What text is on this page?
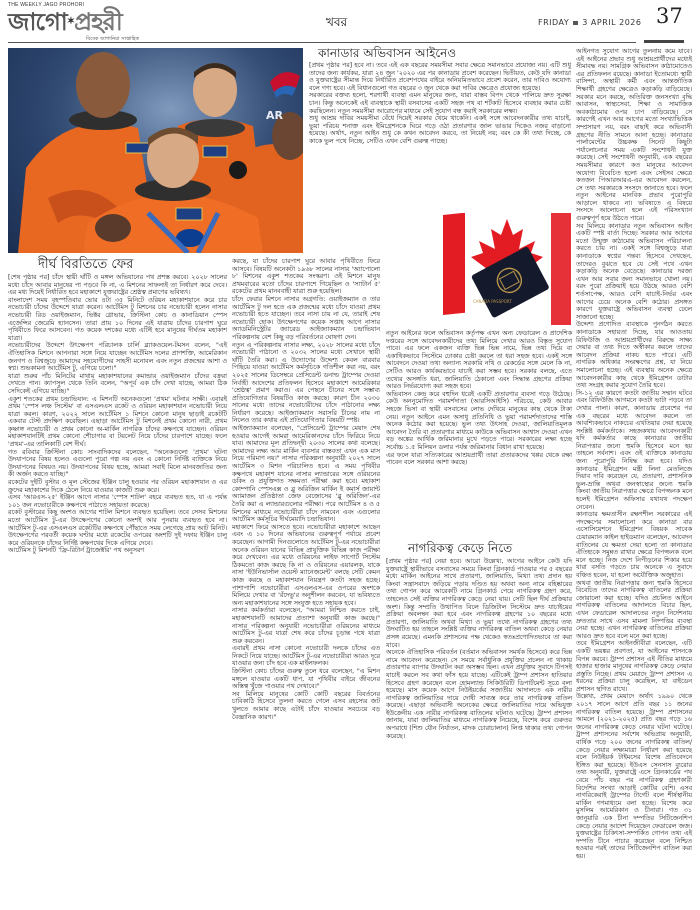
THE WEEKLY JAGO PROHORI
জাগো✶প্রহরী
বিবেক জাগানিয়া সাপ্তাহিক
খবর	FRIDAY 3 APRIL 2026 37
AR
CANADA PASSPORT
দীর্ঘ বিরতিতে ফের

[শেষ পৃষ্ঠার পর] চাঁদে স্থায়ী ঘাঁটি ও মঙ্গল অভিযানের পথ প্রশস্ত করবে। ২০২৮ সালের মধ্যে চাঁদে আবার মানুষের পা পড়বে কি না, এ মিশনের সাফল্যই তা নির্ধারণ করে দেবে। এর মধ্য দিয়েই নির্ধারিত হবে মহাকাশে যুক্তরাষ্ট্রের শ্রেষ্ঠত্ব প্রমাণের ভবিষ্যৎ।

বাংলাদেশ সময় বৃহস্পতিবার ভোর ৪টা ৩৫ মিনিটে ওরিয়ন মহাকাশযানে করে চার নভোচারী চাঁদের উদ্দেশে যাত্রা করেন। আর্টেমিস টু মিশনের চার নভোচারী হলেন নাসার নভোচারী রিড ওয়াইজম্যান, ভিক্টর গ্লোভার, ক্রিস্টিনা কোচ ও কানাডিয়ান স্পেস এজেন্সির জেরেমি হ্যানসেন। তারা প্রায় ১০ দিনের এই যাত্রায় চাঁদের চারপাশ ঘুরে পৃথিবীতে ফিরে আসবেন। গত কয়েক দশকের মধ্যে এটিই হবে মানুষের দীর্ঘতম মহাকাশ যাত্রা।

নভোচারীদের উদ্দেশে উৎক্ষেপণ পরিচালক চার্লি ব্ল্যাকওয়েল-টমসন বলেন, "এই ঐতিহাসিক মিশনে আপনারা সঙ্গে নিয়ে যাচ্ছেন আর্টেমিস দলের প্রাণশক্তি, আমেরিকান জনগণ ও বিশ্বজুড়ে আমাদের সহযোগীদের সাহসী মনোবল এবং নতুন প্রজন্মের আশা ও স্বপ্ন। শুভকামনা আর্টেমিস টু, এগিয়ে চলো।"

যাত্রা শুরুর পাঁচ মিনিটের মাথায় মহাকাশযানের কমান্ডার ওয়াইজম্যান চাঁদের বক্ররা দেখতে পান। ক্যাপসুল থেকে তিনি বলেন, "অপূর্ব এক চাঁদ দেখা যাচ্ছে, আমরা ঠিক সেদিকেই এগিয়ে যাচ্ছি।"

একুশ শতকের প্রথম চন্দ্রাভিযান: এ মিশনটি অনেকগুলো 'প্রথম' ঘটনার সাক্ষী। এবারই প্রথম 'স্পেস লঞ্চ সিস্টেম' বা এসএলএস রকেট ও ওরিয়ন মহাকাশযান নভোচারী নিয়ে যাত্রা করল। কারণ, ২০২২ সালে আর্টেমিস ১ মিশনে কোনো মানুষ ছাড়াই রকেটটি একবার টেস্ট প্রদক্ষিণ করেছিল। এছাড়া আর্টেমিস টু মিশনেই প্রথম কোনো নারী, প্রথম কৃষ্ণাঙ্গ নভোচারী ও প্রথম কোনো অ-মার্কিন নাগরিক চাঁদের কক্ষপথে যাচ্ছেন। ওরিয়ন মহাকাশযানটিই প্রথম কোনো শৌচাগার বা টয়লেট নিয়ে চাঁদের চারপাশে যাচ্ছে। ফলে 'প্রথম'-এর তালিকাটি বেশ দীর্ঘ।

গত রবিবার ক্রিস্টিনা কোচ সাংবাদিকদের বলেছেন, "অনেকগুলো 'প্রথম' ঘটনা উদযাপনের বিষয় হলেও এগুলো পুরো গল্প নয় এবং এ কোনো নির্দিষ্ট ব্যক্তিকে নিয়ে উদযাপনের বিষয়ও নয়। উদযাপনের বিষয় হচ্ছে, আমরা সবাই মিলে মানবজাতির জন্য কী অর্জন করতে যাচ্ছি।"

রকেটের দুইটি বুস্টার ও মূল স্টেজের ইঞ্জিন চালু হওয়ার পর ওরিয়ন মহাকাশযান ও এর ক্রুদের মহাকাশের দিকে ঠেলে নিয়ে যাওয়ার কাজটি শুরু করে।

এসব 'আরএস-২৫' ইঞ্জিন আগে নাসার 'স্পেস শাটল' বহরে ব্যবহৃত হত, যা এ পর্যন্ত ১০১ জন নভোচারীকে কক্ষপথে পাঠাতে সহায়তা করেছে।

রকেট বুস্টারের কিছু অংশও আগের শাটল মিশনে ব্যবহৃত হয়েছিল। তবে সেসব মিশনের মতো আর্টেমিস টু-এর উৎক্ষেপণের কোনো অংশই আর পুনরায় ব্যবহৃত হবে না। আর্টেমিস টু-এর এসএলএস রকেটটির কক্ষপথে পৌঁছাতে সময় লেগেছে প্রায় আট মিনিট। উৎক্ষেপণের পরবর্তী কয়েক ঘণ্টার মধ্যে রকেটের ওপরের অংশটি দুই দফায় ইঞ্জিন চালু করে ওরিয়নকে চাঁদের নির্দিষ্ট কক্ষপথের দিকে এগিয়ে দেবে।

আর্টেমিস টু মিশনটি 'ফ্রি-রিটার্ন ট্রাজেক্টরি' পথ অনুসরণ

করছে, যা চাঁদের চারপাশ ঘুরে আবার পৃথিবীতে ফিরে আসবে। বিষয়টি অনেকটা ১৯৬৮ সালের নাসার 'অ্যাপোলো ৮' মিশনের একুশ শতকের সংস্করণ। ওই মিশনে মানুষ প্রথমবারের মতো চাঁদের চারপাশে গিয়েছিল ও 'স্যাটার্ন ৫' রকেটের প্রথম মানববাহী যাত্রা শুরু হয়েছিল।

চাঁদে ফেরার মিশনে নাসার অগ্রগতি: ওয়াইজম্যান ও তার আর্টেমিস টু দল হতে এক প্রজন্মের মধ্যে চাঁদে যাওয়া প্রথম নভোচারী হতে যাচ্ছেন। তবে নাসা চায় না যে, তারাই শেষ নভোচারী হোক। উৎক্ষেপণের কয়েক সপ্তাহ আগে নাসার অ্যাডমিনিস্ট্রেটর জ্যারেড আইজ্যাকম্যান চন্দ্রাভিযান পরিকল্পনায় বেশ কিছু বড় পরিবর্তনের ঘোষণা দেন।

নতুন এ পরিকল্পনায় নাসার লক্ষ্য, ২০২৮ সালের মধ্যে চাঁদে নভোচারী পাঠানো ও ২০৩২ সালের মধ্যে সেখানে স্থায়ী ঘাঁটি তৈরি করা। এ উদ্যোগের উদ্দেশ্য কেবল বারবার পিছিয়ে যাওয়া আর্টেমিস কর্মসূচিকে গতিশীল করা নয়, বরং ২০২৫ সালের ডিসেম্বরে প্রেসিডেন্ট ডনাল্ড ট্রাম্পের দেওয়া নির্বাহী আদেশের প্রতিফলন হিসেবে মহাকাশে আমেরিকার 'শ্রেষ্ঠত্ব' প্রমাণ করাও। এর পেছনে চীনের সঙ্গে সম্ভাব্য প্রতিযোগিতার বিষয়টিও কাজ করছে। কারণ চীন ২০৩০ সালের মধ্যে তাদের নভোচারীদের চাঁদে পাঠানোর লক্ষ্য নির্ধারণ করেছে। আইজ্যাকম্যান সরাসরি চীনের নাম না নিলেও তার কথায় এই প্রতিযোগিতার বিষয়টি স্পষ্ট।

আইজ্যাকম্যান বলেছেন, "প্রেসিডেন্ট ট্রাম্পের মেয়াদ শেষ হওয়ার আগেই আমরা আমেরিকানদের চাঁদে ফিরিয়ে নিয়ে যাব। আমাদের মূল প্রতিদ্বন্দ্বী ২০৩০ সালের কথা বলেছে। আমাদের লক্ষ্য আর মার্কিন ব্যবসার বাস্তবতা এখন এক মাস নিয়ে পরিমাণ নয়।" নাসার পরিকল্পনা অনুযায়ী ২০২৭ সালে আর্টেমিস ৩ মিশন পরিচালিত হবে। এ সময় পৃথিবীর কক্ষপথে মহাকাশ যানের নাসার ল্যান্ডারের সঙ্গে ওরিয়নের ডকিং ও প্রযুক্তিগত সক্ষমতা পরীক্ষা করা হবে। মহাকাশ কোম্পানি স্পেসএক্স ও ব্লু অরিজিন মার্কিন ই কমার্স জায়ান্ট অ্যামাজন প্রতিষ্ঠাতা জেফ বেজোসের 'ব্লু অরিজিন'-এর তৈরি করা এ ল্যান্ডারগুলোর পরীক্ষা। পরে আর্টেমিস ৪ ও ৫ মিশনের মাধ্যমে নভোচারীরা চাঁদে নামবেন এবং এগুলোর আর্টেমিস কর্মসূচির দীর্ঘমেয়াদি চন্দ্রাভিযান।

মহাকাশে ফিরে আসতে হবে। নভোচারীরা মহাকাশে আছেন এবং এ ১০ দিনের অভিযানের গুরুত্বপূর্ণ পর্যায়ে প্রবেশ করেছেন। আগামী দিনগুলোতে আর্টেমিস টু-এর নভোচারীরা অনেক ওরিয়ন যানের বিভিন্ন প্রাযুক্তিক বিভিন্ন কাজ পরীক্ষা করে দেখবেন। এর মধ্যে ওরিয়নের লাইফ সাপোর্ট সিস্টেম ঠিকমতো কাজ করছে কি না ও ওরিয়নের এয়ারলক, যাকে নাসা 'ইউনিভার্সাল ওয়েস্ট ম্যানেজমেন্ট' বলছে সেটি কেমন কাজ করছে ও মহাকাশযান নিয়ন্ত্রণ কতটা সহজ হচ্ছে। পাশাপাশি নভোচারীরা এসএলএস-এর ওপরের অংশকে মিলিয়ে দেখার বা 'রঁদেভু'র অনুশীলন করবেন, যা ভবিষ্যতে অন্য মহাকাশযানের সঙ্গে সংযুক্ত হতে সহায়ক হবে।

নাসার কর্মকর্তারা বলেছেন, "আমরা নিশ্চিত করতে চাই, মহাকাশযানটি আমাদের প্রত্যাশা অনুযায়ী কাজ করছে।" নাসার পরিকল্পনা অনুযায়ী নভোচারীরা ওরিয়নের মাধ্যমে আর্টেমিস টু-এর যাত্রা শেষ করে চাঁদের চূড়ান্ত পথে যাত্রা শুরু করবেন।

এবারই প্রথম নাসা কোনো নভোচারী দলকে চাঁদের এত নিকটে নিয়ে যাচ্ছে। আর্টেমিস টু-এর নভোচারীরা আরও দূরে যাওয়ার জন্য চাঁদ হবে এক মাইলফলক।

ক্রিস্টিনা কোচ চাঁদের গুরুত্ব তুলে ধরে বলেছেন, "এ মিশন মঙ্গলে যাওয়ার একটি ধাপ, যা পৃথিবীর বাইরে জীবনের অস্তিত্ব খুঁজে পাওয়ার পথ দেখাবে।"

সব মিলিয়ে মানুষের কোটি কোটি বছরের বিবর্তনের চাবিকাঠি হিসেবে তুলনা করতে গেলে এসব রহস্যের জট খুলতে আমার কাছে এটাই চাঁদে যাওয়ার সবচেয়ে বড় বৈজ্ঞানিক কারণ।"

কানাডার অভিবাসন আইনেও

[প্রথম পৃষ্ঠার পর] হবে না। তবে এই এক বছরের সময়সীমা সবার ক্ষেত্রে সমানভাবে প্রযোজ্য নয়। এটি শুধু তাদের জন্য কার্যকর, যারা ২৪ জুন '২০২০ এর পর কানাডায় প্রবেশ করেছেন। দ্বিতীয়ত, কেউ যদি কানাডা ও যুক্তরাষ্ট্রের সীমান্ত দিয়ে নির্ধারিত প্রবেশপথের বাইরে অনিয়মিতভাবে প্রবেশ করেন, তার দাবিও অযোগ্য বলে গণ্য হবে। এই বিধানগুলো গত বছরের ৩ জুন থেকে করা দাবির ক্ষেত্রেও প্রযোজ্য হয়েছে।

সরকারের বক্তব্য হলো, শরণার্থী ব্যবস্থা এমন মানুষের জন্য, যারা বাস্তব বিপদ থেকে পালিয়ে দ্রুত সুরক্ষা চান। কিন্তু অনেকেই এই ব্যবস্থাকে স্থায়ী বসবাসের একটি সহজ পথ বা শর্টকাট হিসেবে ব্যবহার করার চেষ্টা করছিলেন। নতুন সময়সীমা আরোপের মাধ্যমে সেই সুযোগ বন্ধ করাই সরকারের লক্ষ্য।

শুধু আশ্রয় দাবির সময়সীমা বেঁধে দিয়েই সরকার থেমে থাকেনি। একই সঙ্গে আবেদনকারীর তথ্য যাচাই, ভুয়া পরিচয় শনাক্ত এবং ইমিগ্রেশনকে ঘিরে গড়ে ওঠা প্রতারণার জাল ভাঙার দিকেও নজর বাড়ানো হয়েছে। অর্থাৎ, নতুন আইন শুধু কে কখন আবেদন করবে, তা নিয়েই নয়; বরং কে কী তথ্য দিচ্ছে, কে কাকে ভুল পথে নিচ্ছে, সেটিও এখন বেশি গুরুত্ব পাচ্ছে।

নতুন আইনের ফলে অভিবাসন কর্তৃপক্ষ এখন অন্য ফেডারেল ও প্রাদেশিক দপ্তরের সঙ্গে আবেদনকারীদের তথ্য মিলিয়ে দেখার আরও বিস্তৃত সুযোগ পাবে। এর ফলে একজন ব্যক্তি ভিন্ন ভিন্ন নামে, ভিন্ন তথ্য দিয়ে বা একাধিকভাবে সিস্টেমে ঢোকার চেষ্টা করলে তা ধরা সহজ হবে। একই সঙ্গে আবেদনে দেওয়া তথ্য অন্যান্য সরকারি নথি ও রেকর্ডের সঙ্গে মেলে কি না, সেটিও আরও কার্যকরভাবে যাচাই করা সম্ভব হবে। সরকার বলছে, এতে তথ্যের অসঙ্গতি ধরা, জালিয়াতি ঠেকানো এবং সিদ্ধান্ত গ্রহণের প্রক্রিয়া আরও নির্ভরযোগ্য করা সহজ হবে।

অভিবাসন কেন্দ্র করে বহুদিন ধরেই একটি প্রতারণার ব্যবসা গড়ে উঠেছে। কেউ অননুমোদিত পরামর্শদাতা (আরসিআইসি) পরিচয়ে, কেউ আবার সহজে ভিসা বা স্থায়ী বসবাসের লোভ দেখিয়ে মানুষের কাছ থেকে টাকা নেয়। নতুন আইনে এমন অসাধু প্রতিনিধি ও ভুয়া পরামর্শদাতাদের শাস্তি অনেক কঠোর করা হয়েছে। ভুল তথ্য উৎসাহ দেওয়া, জালিয়াতিমূলক আবেদন তৈরি বা প্রতারণার মাধ্যমে কাউকে অভিবাসন আশ্বাস দেওয়া এখন বড় অঙ্কের আর্থিক জরিমানার মুখে পড়তে পারে। সরকারের লক্ষ্য হচ্ছে সর্বোচ্চ ১.৫ মিলিয়ন ডলার পর্যন্ত জরিমানার বিধান রাখা হয়েছে।

এর ফলে যারা সত্যিকারের আশ্রয়প্রার্থী তারা প্রতারকদের খপ্পর থেকে রক্ষা পাবেন বলে সরকার আশা করছে।

নাগরিকত্ব কেড়ে নিতে

[প্রথম পৃষ্ঠার পর] নেয়া হবে। আরো উল্লেখ্য, আগের আইনে কেউ যদি যুক্তরাষ্ট্রে স্থায়ীভাবে বসবাসের সময়ে কিংবা গ্রিনকার্ড পাওয়ার পর ৫ বছরের মধ্যে মার্কিন আইনের সাথে প্রতারণা, জালিয়াতি, মিথ্যা তথ্য প্রদান হয় কিংবা সন্ত্রাসবাদে জড়িয়ে পড়ায় দণ্ডিত হয় অথবা অন্য নামে বহিষ্কারের তথ্য গোপন করে আরেকটি নামে গ্রিনকার্ড পেয়ে নাগরিকত্ব গ্রহণ করে, তাহলেও সেই ব্যক্তির নাগরিকত্ব কেড়ে নেয়া যায়। সেটি ছিল দীর্ঘ প্রক্রিয়ার অংশ। কিন্তু সম্প্রতি উত্থাপিত বিলে ডিজিটাল সিস্টেমে দ্রুত যাচাইয়ের প্রক্রিয়া অবলম্বন করা হবে এবং নাগরিকত্ব গ্রহণের ১০ বছরের মধ্যে প্রতারণা, জালিয়াতি অথবা মিথ্যা ও ভুয়া তথ্যে নাগরিকত্ব গ্রহণের তথ্য উদঘাটিত হয় তাহলে সংশ্লিষ্ট ব্যক্তির নাগরিকত্ব বাতিল অথবা কেড়ে নেয়ার প্রসঙ্গ রয়েছে। এমনকি প্রশাসনের পক্ষ থেকেও স্বতঃপ্রণোদিতভাবে তা করা যাবে।

অনেকে ঐতিহাসিক পরিবর্তন (বর্তমান অভিবাসন সমর্থক হিসেবে) করে ভিন্ন নামে আবেদন করেছেন। সে সময়ে সর্বাধুনিক প্রযুক্তির প্রচলন না থাকায় প্রতারণার ব্যাপার উদঘাটন করা অসম্ভব ছিল। এখন প্রযুক্তির সুবাদে টিপসই যাচাই করলে সব কথা ফাঁস হয়ে যাচ্ছে। এটিকেই ট্রাম্প প্রশাসন হাতিয়ার হিসেবে গ্রহণ করেছেন বলে হোমল্যান্ড সিকিউরিটি ডিপার্টমেন্ট সূত্রে বলা হয়েছে। মাস কয়েক আগে নিউইয়র্কের সজাতীয় আদালতে এক নারীর নাগরিকত্ব জালিয়াতির দায়ে দোষী সাব্যস্ত করে তার নাগরিকত্ব বাতিল করেছে। এছাড়া অভিবাসী অনেকের ক্ষেত্রে জালিয়াতির দায়ে অভিযুক্ত ইউক্রেনীয় এক নারীর নাগরিকত্ব বাতিলের ঘটনাও ঘটেছে। ট্রাম্প প্রশাসন জানায়, যারা জালিয়াতির মাধ্যমে নাগরিকত্ব নিয়েছে, বিশেষ করে গুরুতর অপরাধে (শিশু যৌন নির্যাতন, মাদক চোরাচালান) লিপ্ত থাকার তথ্য গোপন করেছে।

আইনগত সুযোগ আগের তুলনায় কমে যাবে। এই আইনের প্রভাব শুধু আশ্রয়প্রার্থীদের মধ্যেই সীমাবদ্ধ নয়। সামগ্রিক অভিবাসন কাঠামোতেও এর প্রতিফলন রয়েছে। কানাডা ইতোমধ্যে স্থায়ী বাসিন্দা, অস্থায়ী কর্মী এবং আন্তর্জাতিক শিক্ষার্থী গ্রহণের ক্ষেত্রেও কড়াকড়ি বাড়িয়েছে। সরকার মনে করছে, অতিরিক্ত জনসংখ্যা বৃদ্ধি আবাসন, স্বাস্থ্যসেবা, শিক্ষা ও সামাজিক অবকাঠামোর ওপর চাপ বাড়িয়েছে। সে কারণেই এখন আর আগের মতো সংখ্যাভিত্তিক সম্প্রসারণ নয়, বরং বাছাই করে অভিবাসী গ্রহণের নীতি সামনে আনা হচ্ছে। কানাডার পার্লামেন্টের উচ্চকক্ষ সিনেট কিছুটা পর্যালোচনার সময় একটি সংশোধনী যুক্ত করেছে। সেই সংশোধনী অনুযায়ী, এক বছরের সময়সীমার কারণে কত মানুষের আবেদন অযোগ্য বিবেচিত হলো এবং সেইসব ক্ষেত্রে কতজন পিআরআরএ-এর আবেদন করলেন, সে তথ্য সরকারকে সংসদে জানাতে হবে। ফলে নতুন আইনের মানবিক প্রভাব পুরোপুরি আড়ালে থাকবে না। ভবিষ্যতে এ বিষয়ে সংসদে আলোচনা হলে এই পরিসংখ্যান গুরুত্বপূর্ণ হয়ে উঠতে পারে।

সব মিলিয়ে কানাডার নতুন অভিবাসন আইন একটি স্পষ্ট বার্তা দিচ্ছে। সরকার আর আগের মতো উন্মুক্ত কাঠামোয় অভিবাসন পরিচালনা করতে চায় না। একই সঙ্গে বিশ্বজুড়ে যারা কানাডাকে স্বপ্নের গন্তব্য হিসেবে দেখছেন, তাদেরও বুঝতে হবে যে সেই পথে এখন কড়াকড়ি অনেক বেড়েছে। কানাডার দরজা এখন আর সবার জন্য সমানভাবে খোলা নয়। বরং পুরো প্রক্রিয়াই হয়ে উঠছে আরও বেশি শর্তসাপেক্ষ, আরও বেশি যাচাই-নির্ভর এবং আগের চেয়ে অনেক বেশি কঠোর। প্রসঙ্গত কারণে যুক্তরাষ্ট্রে অভিবাসন ব্যবস্থা ঢেলে সাজানো হচ্ছে।

উদ্দেশ্য প্রণোদিত ব্যবস্থাকে পুনর্গঠন করতে কানাডাকে সহায়তা দিচ্ছে, যার আওতায় রিফিউজি ও আশ্রয়প্রার্থীদের বিরুদ্ধে সাক্ষ্য দেয়ার বা তথ্য দিতে অস্বীকার করলে তাদের আবেদন প্রক্রিয়া নাকচ হতে পারে। এটি নাগরিক অধিকার সংরক্ষণের প্রশ্ন, যা নিয়ে সমালোচনা হচ্ছে। এই ব্যবস্থায় অনেক ক্ষেত্রে আবেদনকারীর কাছ থেকে ইমিগ্রেশন ডাটার তথ্য সংগ্রহ করার সুযোগ তৈরি হবে।

সি-১২ এর কারণে কতটা জাতীয় সম্মান ঘটবে এবং রিফিউজি আগমনে কতটা ভাটা পড়বে তা দেখার পালা। কারণ, কানাডায় প্রবেশের পর এক বছরের মধ্যে আবেদন করলে তা আবশ্যিকভাবে নাকচের এখতিয়ার দেয়া হয়েছে সংশ্লিষ্ট কর্মকর্তাকে। সহজকথায় আবেদনকারী যদি কর্মকর্তার কাছে কানাডার জাতীয় নিরাপত্তার জন্যে হুমকি হিসেবে মনে হয় তাহলে সর্বনাশ। এবং ওই ব্যক্তিকে কানাডায় জন্য পুরোপুরি নিষিদ্ধ করা হবে। যদিও কানাডার ইমিগ্রেশন মন্ত্রী লিনা মেতলিজে দিয়াব দাবি করেছেন যে, প্রতারণা, প্রশাসনিক ভুল-ভ্রান্তি অথবা জনস্বাস্থ্যের জন্যে হুমকি কিংবা জাতীয় নিরাপত্তার ক্ষেত্রে বিপজ্জনক মনে হলেই ইমিগ্রেশন অফিসার যথাযথ পদক্ষেপ নেবেন।

কানাডার ক্ষমতাসীন রক্ষণশীল সরকারের এই পদক্ষেপের সমালোচনা করে কানাডা বার এসোসিয়েশনে ইমিগ্রেশন বিষয়ক সাবেক চেয়ারম্যান কাইল হাইডম্যান বলেছেন, আবেদন বাতিলের যে ক্ষমতা দেয়া হলো তা কানাডার ঐতিহ্যকে সমুন্নত রাখার ক্ষেত্রে বিপজ্জনক বলে মনে হচ্ছে। নিজ দেশে নিপীড়নের শিকার হয়ে যারা বসতি গড়তে চায় অনেকে এ সুবাদে বঞ্চিত হবেন, যা হলো অযৌক্তিক অজুহাত।

অথবা জাতীয় নিরাপত্তার জন্য হুমকি হিসেবে বিবেচিত তাদের নাগরিকত্ব বাতিলের প্রক্রিয়া জোরালো করা হচ্ছে। যদিও প্রচলিত আইনে নাগরিকত্ব বাতিলের আদালতে বিচার ছিল, এখন ফেডারেল আদালতের নতুন নির্দেশনায় দ্রুততার সাথে এসব মামলা নিষ্পত্তির ব্যবস্থা নেয়া হচ্ছে। এখন নাগরিকত্ব বাতিলের প্রক্রিয়া আরও দ্রুত হবে বলে মনে করা হচ্ছে।

তবে ইমিগ্রেশন আইনজীবীরা বলেছেন, এটি একটি ভয়ঙ্কর প্রবণতা, যা আইনের শাসনকে বিপন্ন করবে। ট্রাম্প প্রশাসন এই নীতির মাধ্যমে হাজার হাজার মানুষের নাগরিকত্ব কেড়ে নেয়ার প্রস্তুতি নিচ্ছে। প্রথম মেয়াদে ট্রাম্প প্রশাসন এ ধরনের প্রক্রিয়া চালু করেছিল, যা বাইডেন প্রশাসন স্থগিত রাখে।

উল্লেখ্য, প্রথম মেয়াদে অর্থাৎ ১৯৯০ থেকে ২০১৭ সালে আগে প্রতি বছর ১১ জনের নাগরিকত্ব বাতিল হয়েছে। ট্রাম্প প্রশাসনের আমলে (২০২১-২০২৫) প্রতি বছর গড়ে ১৬ জনের নাগরিকত্ব কেড়ে নেয়ার ঘটনা ঘটেছে। ট্রাম্প প্রশাসনের সর্বশেষ অভিপ্রায় অনুযায়ী, বার্ষিক গড়ে ২০০ জনের নাগরিকত্ব বাতিল/কেড়ে নেয়ার লক্ষ্যমাত্রা নির্ধারণ করা হয়েছে বলে নিউইয়র্ক টাইমসের বিশেষ প্রতিবেদনে ইঙ্গিত করা হয়েছে। ইউএস সেনসাস ব্যুরোর তথ্য অনুযায়ী, যুক্তরাষ্ট্রে এসে গ্রিনকার্ডের পথ বেয়ে পাঁচ বছর পর নাগরিকত্ব গ্রহণকারী বিদেশির সংখ্যা আড়াই কোটির বেশি। এসব নাগরিকেরাই ট্রাম্পের টার্গেট বলে শীর্ষস্থানীয় মার্কিন গণমাধ্যমে বলা হচ্ছে। বিশেষ করে মুসলিম আমেরিকান ও চীনারা। গত ৩১ জানুয়ারি এক চীনা দম্পতির সিটিজেনশিপ কেড়ে নেয়ার আদেশ দিয়েছেন ফেডারেল জজ। যুক্তরাষ্ট্রের চিকিৎসা-সম্পর্কিত গোপন তথ্য এই দম্পতি চীনে পাচার করেছেন বলে নিশ্চিত হওয়ার পরই তাদের সিটিজেনশিপ বাতিল করা হয়।
